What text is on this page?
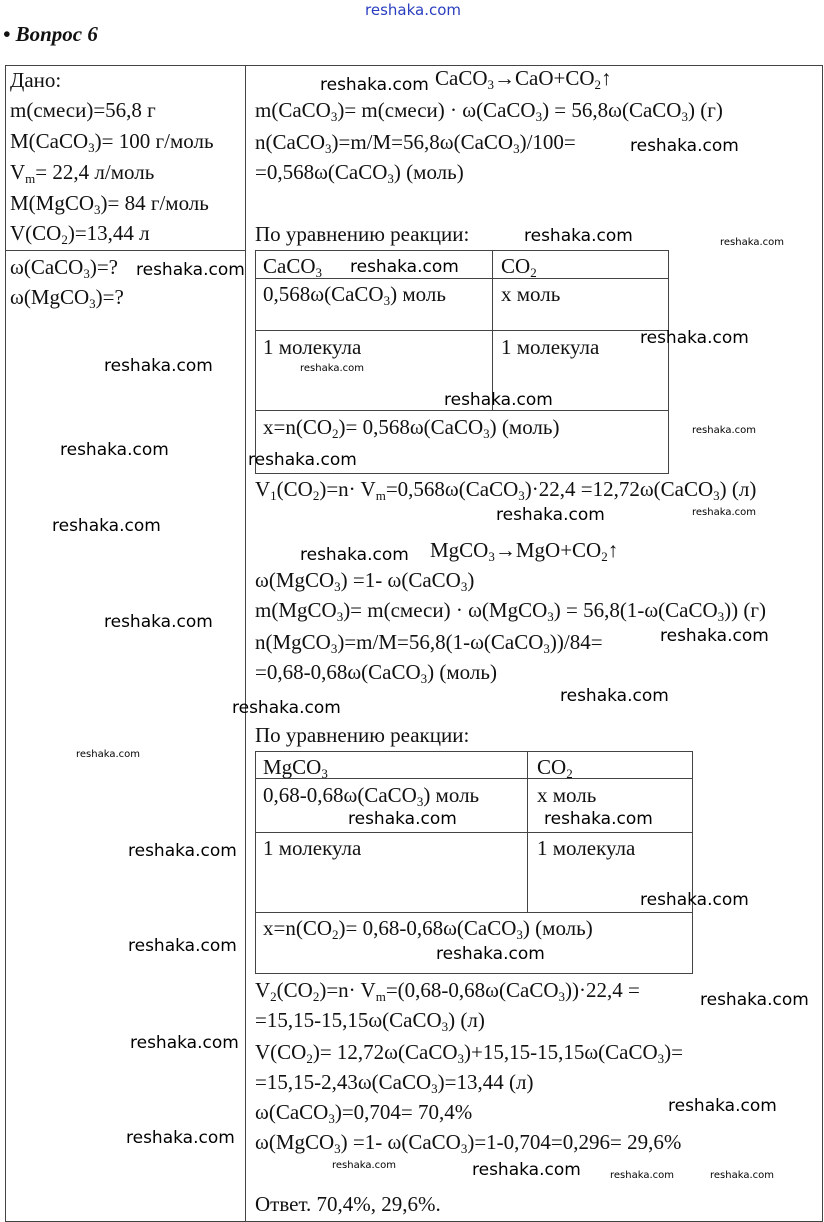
reshaka.com
• Вопрос 6
Дано:
m(смеси)=56,8 г
M(CaCO$_3$)= 100 г/моль
$V_m= 22,4$ л/моль
M(MgCO$_3$)= 84 г/моль
$V(CO_2)=13,44$ л
ω(CaCO$_3$)=?
ω(MgCO$_3$)=?
$CaCO_3\to CaO+CO_2↑$
m(CaCO$_3$)= m(смеси) · ω(CaCO$_3$) = 56,8ω(CaCO$_3$) (г)
n(CaCO$_3$)=m/M=56,8ω(CaCO$_3$)/100=
=0,568ω(CaCO$_3$) (моль)
По уравнению реакции:
CaCO$_3$	$CO_2$
0,568ω(CaCO$_3$) моль	x моль
1 молекула	1 молекула
$x=n(CO_2)=$ 0,568ω(CaCO$_3$) (моль)
$V_1(CO_2)=n\cdot$ $V_m=0,568\omega(CaCO_3)\cdot 22,4$ =12,72ω(CaCO$_3$) (л)
$MgCO_3\to MgO+CO_2↑$
ω(MgCO$_3$) =1- ω(CaCO$_3$)
m(MgCO$_3$)= m(смеси) · ω(MgCO$_3$) = 56,8(1-ω(CaCO$_3$)) (г)
n(MgCO$_3$)=m/M=56,8(1-ω(CaCO$_3$))/84=
=0,68-0,68ω(CaCO$_3$) (моль)
По уравнению реакции:
MgCO$_3$	$CO_2$
0,68-0,68ω(CaCO$_3$) моль	x моль
1 молекула	1 молекула
$x=n(CO_2)=$ 0,68-0,68ω(CaCO$_3$) (моль)
$V_2(CO_2)=n\cdot$ $V_m=(0,68-0,68\omega(CaCO_3))\cdot 22,4$ =
=15,15-15,15ω(CaCO$_3$) (л)
$V(CO_2)=$ 12,72ω(CaCO$_3$)+15,15-15,15ω(CaCO$_3$)=
=15,15-2,43ω(CaCO$_3$)=13,44 (л)
ω(CaCO$_3$)=0,704= 70,4%
ω(MgCO$_3$) =1- ω(CaCO$_3$)=1-0,704=0,296= 29,6%
Ответ. 70,4%, 29,6%.
reshaka.com
reshaka.com
reshaka.com
reshaka.com	reshaka.com
reshaka.com	reshaka.com
reshaka.com
reshaka.com	reshaka.com
reshaka.com
reshaka.com
reshaka.com
reshaka.com	reshaka.com
reshaka.com
reshaka.com
reshaka.com
reshaka.com
reshaka.com
reshaka.com
reshaka.com
reshaka.com
reshaka.com
reshaka.com
reshaka.com
reshaka.com	reshaka.com
reshaka.com
reshaka.com
reshaka.com
reshaka.com
reshaka.com
reshaka.com
reshaka.com	reshaka.com
